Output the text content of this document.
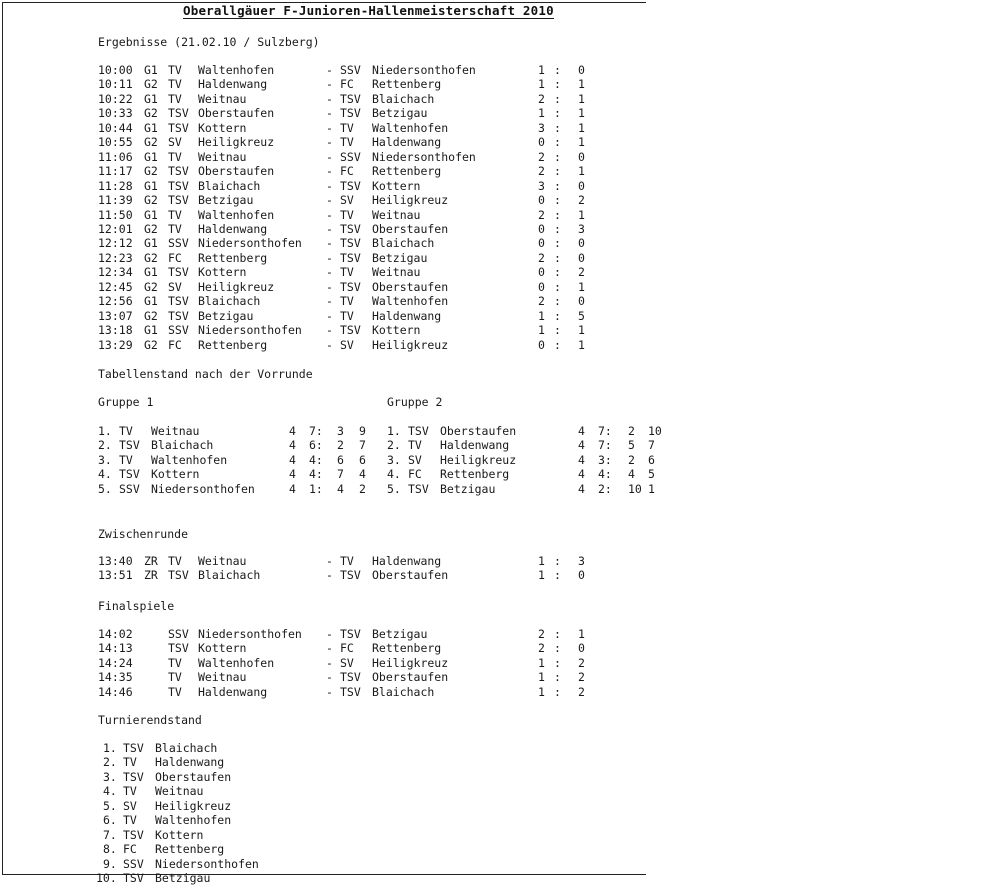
Oberallgäuer F-Junioren-Hallenmeisterschaft 2010
Ergebnisse (21.02.10 / Sulzberg)
10:00 G1 TV Waltenhofen	- SSV Niedersonthofen	1 : 0
10:11 G2 TV Haldenwang	- FC Rettenberg	1 : 1
10:22 G1 TV Weitnau	- TSV Blaichach	2 : 1
10:33 G2 TSV Oberstaufen	- TSV Betzigau	1 : 1
10:44 G1 TSV Kottern	- TV Waltenhofen	3 : 1
10:55 G2 SV Heiligkreuz	- TV Haldenwang	0 : 1
11:06 G1 TV Weitnau	- SSV Niedersonthofen	2 : 0
11:17 G2 TSV Oberstaufen	- FC Rettenberg	2 : 1
11:28 G1 TSV Blaichach	- TSV Kottern	3 : 0
11:39 G2 TSV Betzigau	- SV Heiligkreuz	0 : 2
11:50 G1 TV Waltenhofen	- TV Weitnau	2 : 1
12:01 G2 TV Haldenwang	- TSV Oberstaufen	0 : 3
12:12 G1 SSV Niedersonthofen - TSV Blaichach	0 : 0
12:23 G2 FC Rettenberg	- TSV Betzigau	2 : 0
12:34 G1 TSV Kottern	- TV Weitnau	0 : 2
12:45 G2 SV Heiligkreuz	- TSV Oberstaufen	0 : 1
12:56 G1 TSV Blaichach	- TV Waltenhofen	2 : 0
13:07 G2 TSV Betzigau	- TV Haldenwang	1 : 5
13:18 G1 SSV Niedersonthofen - TSV Kottern	1 : 1
13:29 G2 FC Rettenberg	- SV Heiligkreuz	0 : 1
Tabellenstand nach der Vorrunde
Gruppe 1	Gruppe 2
1. TV Weitnau	4 7: 3 9
2. TSV Blaichach	4 6: 2 7
3. TV Waltenhofen	4 4: 6 6
4. TSV Kottern	4 4: 7 4
5. SSV Niedersonthofen	4 1: 4 2
1. TSV Oberstaufen	4 7: 2 10
2. TV Haldenwang	4 7: 5 7
3. SV Heiligkreuz	4 3: 2 6
4. FC Rettenberg	4 4: 4 5
5. TSV Betzigau	4 2: 10 1
Zwischenrunde
13:40 ZR TV Weitnau	- TV Haldenwang	1 : 3
13:51 ZR TSV Blaichach	- TSV Oberstaufen	1 : 0
Finalspiele
14:02	SSV Niedersonthofen - TSV Betzigau	2 : 1
14:13	TSV Kottern	- FC Rettenberg	2 : 0
14:24	TV Waltenhofen	- SV Heiligkreuz	1 : 2
14:35	TV Weitnau	- TSV Oberstaufen	1 : 2
14:46	TV Haldenwang	- TSV Blaichach	1 : 2
Turnierendstand
1. TSV Blaichach
2. TV Haldenwang
3. TSV Oberstaufen
4. TV Weitnau
5. SV Heiligkreuz
6. TV Waltenhofen
7. TSV Kottern
8. FC Rettenberg
9. SSV Niedersonthofen
10. TSV Betzigau
